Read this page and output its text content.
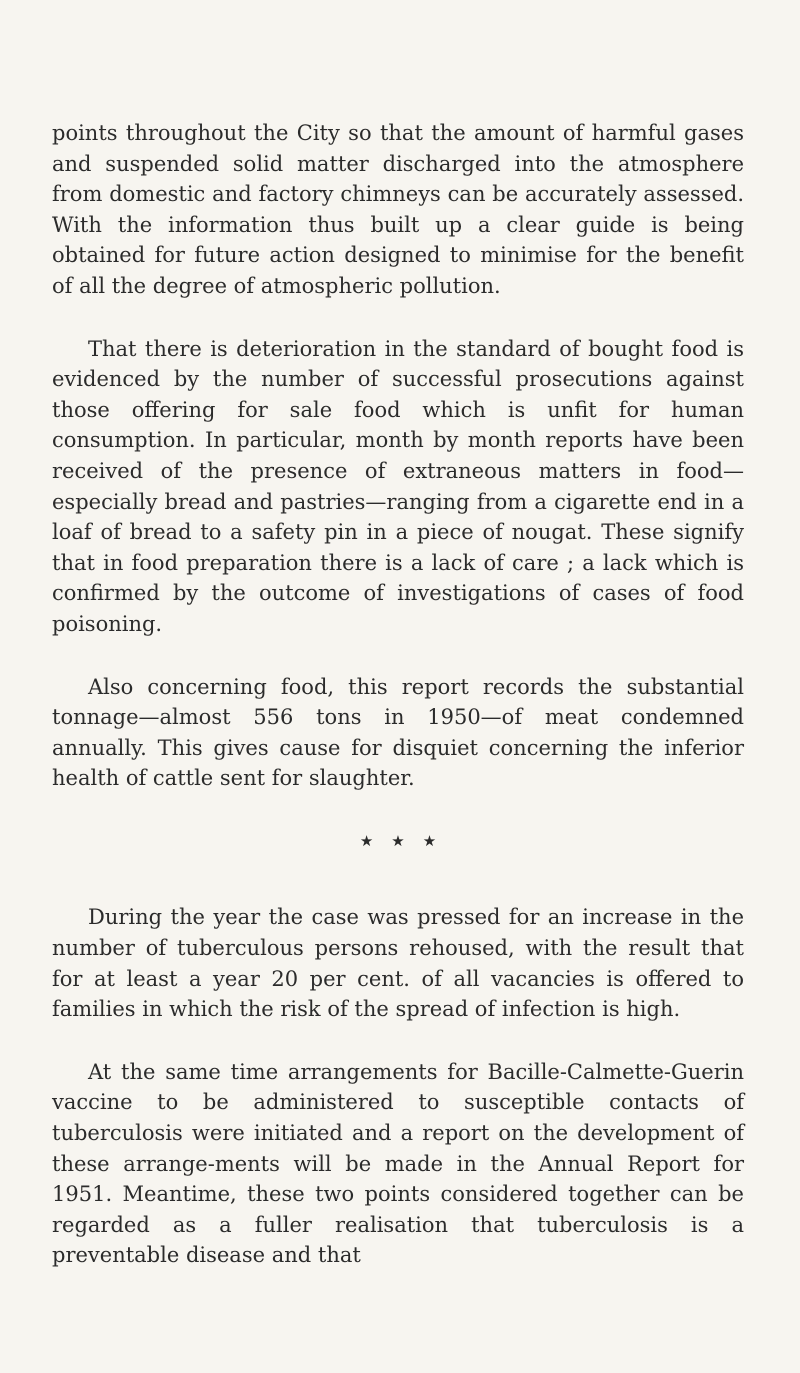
points throughout the City so that the amount of harmful gases and suspended solid matter discharged into the atmosphere from domestic and factory chimneys can be accurately assessed. With the information thus built up a clear guide is being obtained for future action designed to minimise for the benefit of all the degree of atmospheric pollution.

That there is deterioration in the standard of bought food is evidenced by the number of successful prosecutions against those offering for sale food which is unfit for human consumption. In particular, month by month reports have been received of the presence of extraneous matters in food—especially bread and pastries—ranging from a cigarette end in a loaf of bread to a safety pin in a piece of nougat. These signify that in food preparation there is a lack of care ; a lack which is confirmed by the outcome of investigations of cases of food poisoning.

Also concerning food, this report records the substantial tonnage—almost 556 tons in 1950—of meat condemned annually. This gives cause for disquiet concerning the inferior health of cattle sent for slaughter.

★★★

During the year the case was pressed for an increase in the number of tuberculous persons rehoused, with the result that for at least a year 20 per cent. of all vacancies is offered to families in which the risk of the spread of infection is high.

At the same time arrangements for Bacille-Calmette-Guerin vaccine to be administered to susceptible contacts of tuberculosis were initiated and a report on the development of these arrange-ments will be made in the Annual Report for 1951. Meantime, these two points considered together can be regarded as a fuller realisation that tuberculosis is a preventable disease and that
